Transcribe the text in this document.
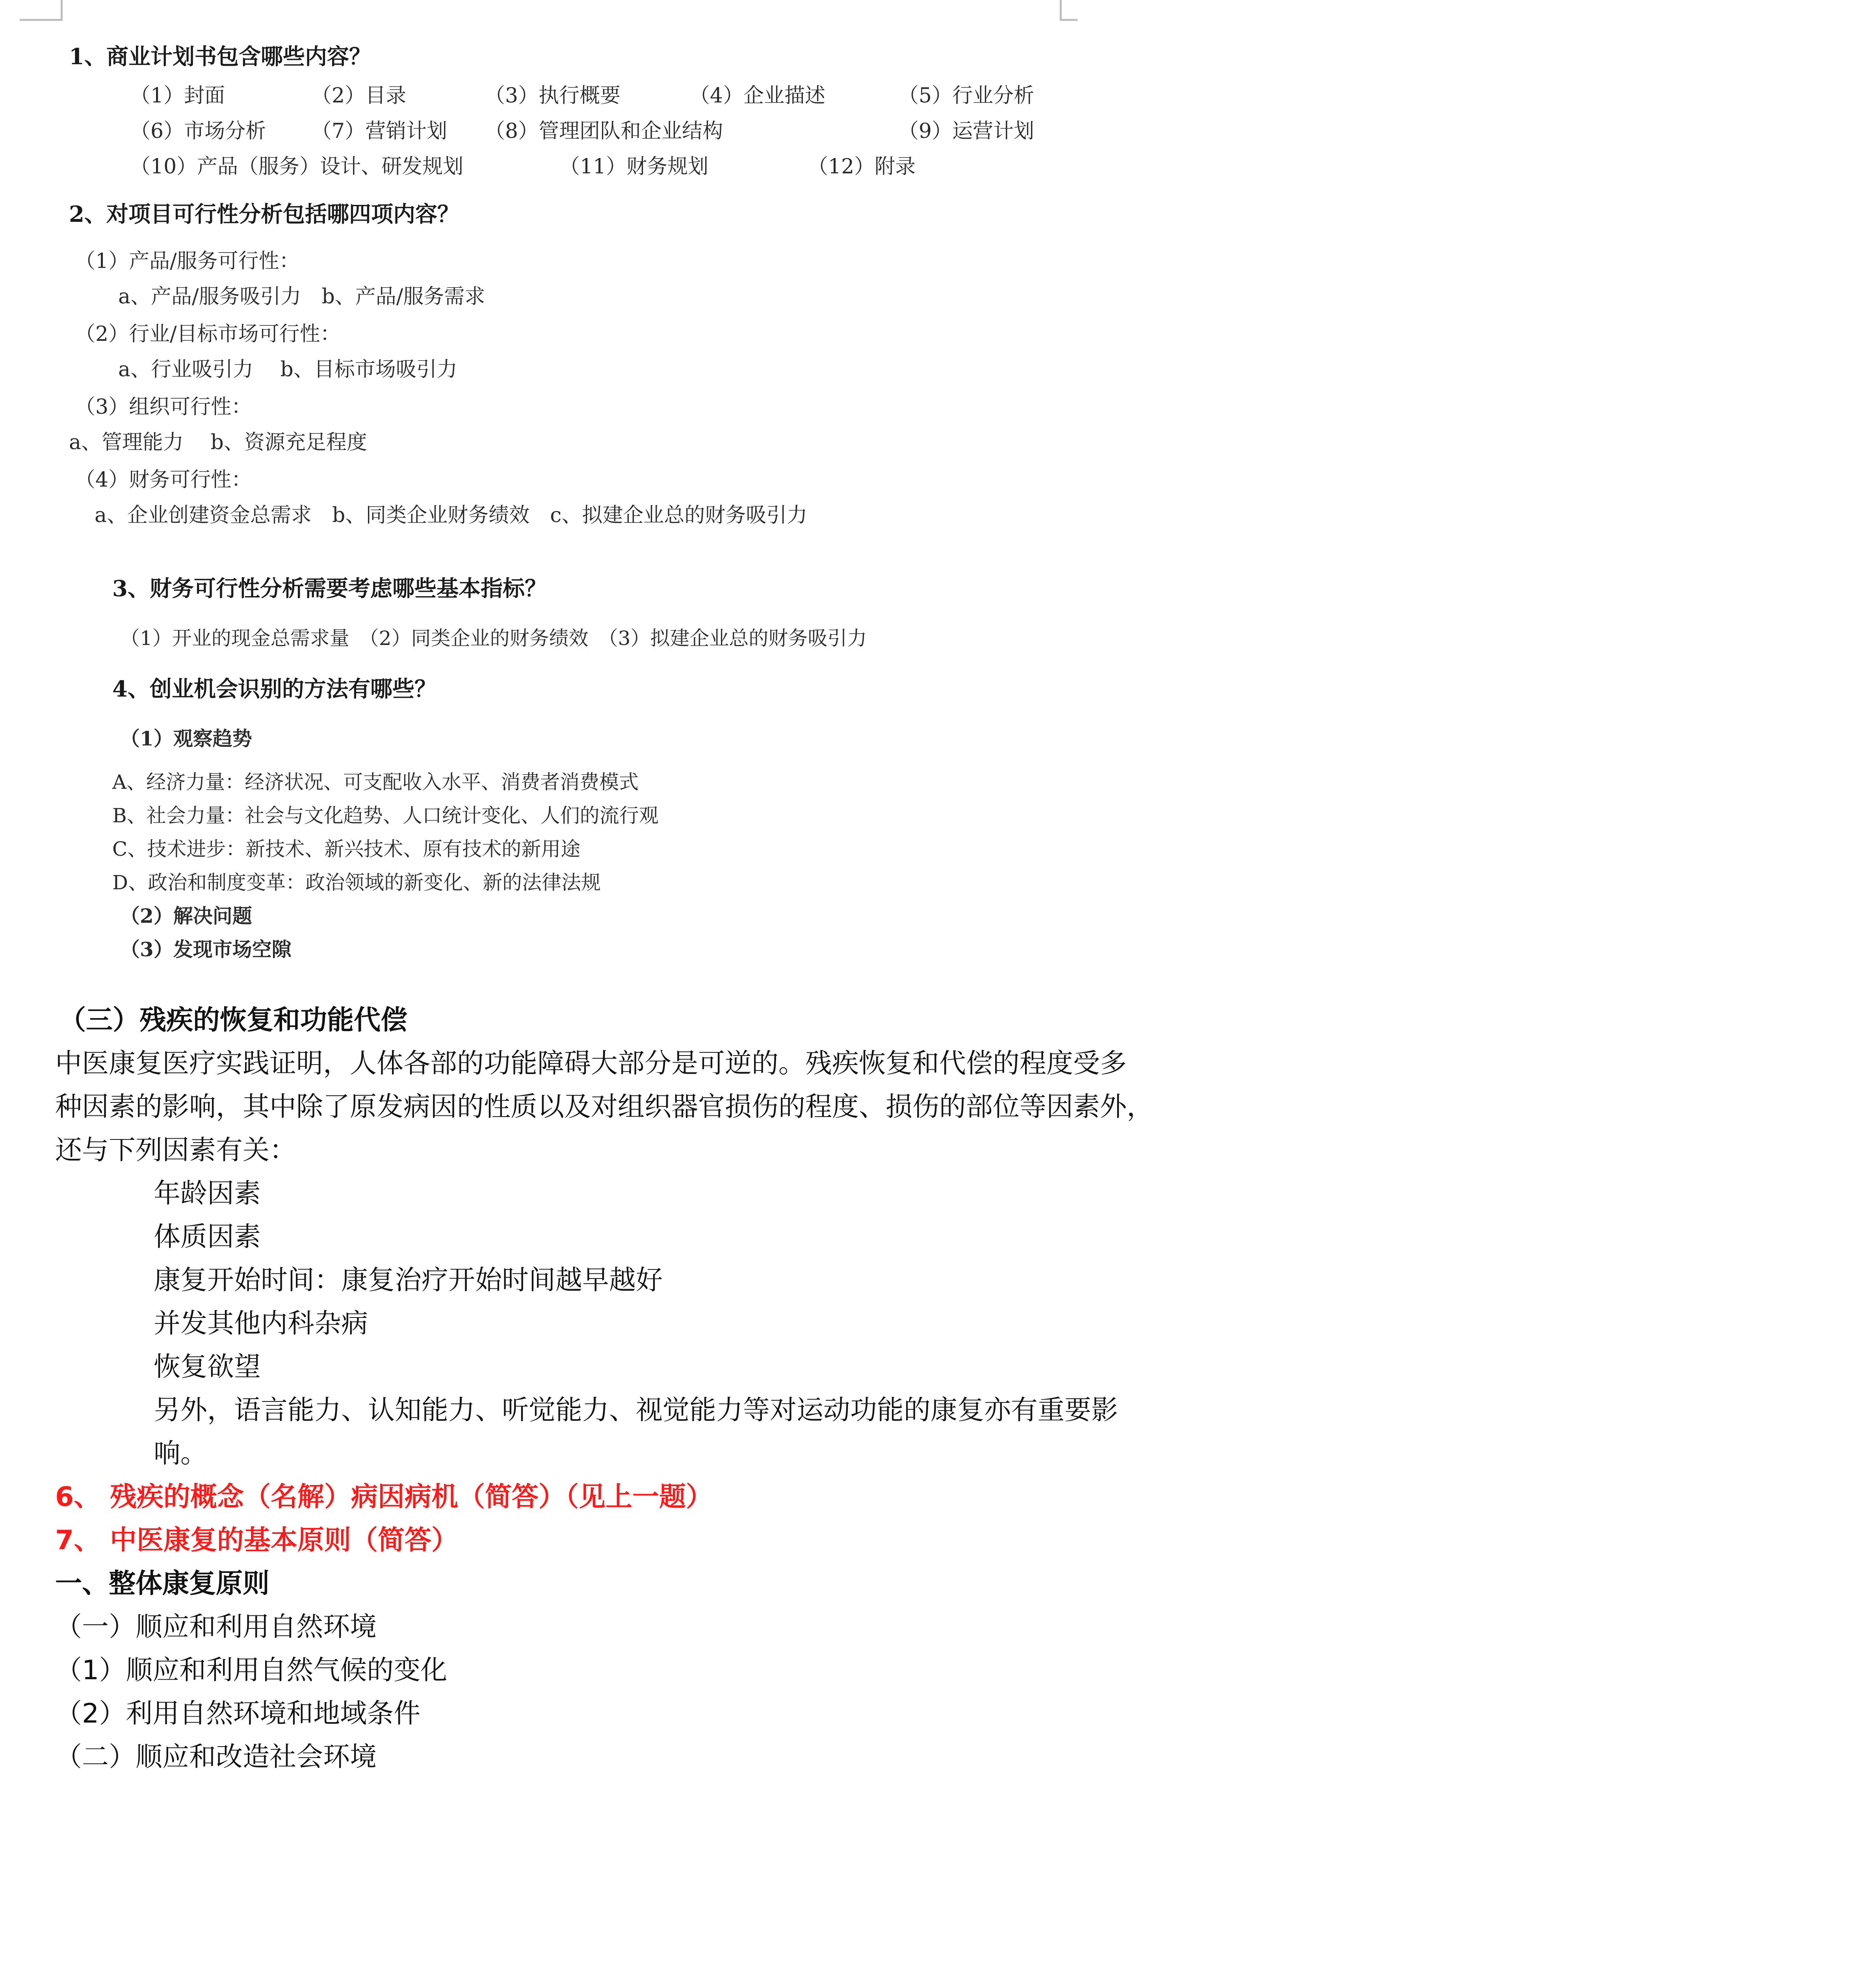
1、商业计划书包含哪些内容？
（1）封面	（2）目录	（3）执行概要	（4）企业描述	（5）行业分析
（6）市场分析 （7）营销计划 （8）管理团队和企业结构	（9）运营计划
（10）产品（服务）设计、研发规划	（11）财务规划	（12）附录
2、对项目可行性分析包括哪四项内容？
（1）产品/服务可行性：
a、产品/服务吸引力　b、产品/服务需求
（2）行业/目标市场可行性：
a、行业吸引力　 b、目标市场吸引力
（3）组织可行性：
a、管理能力　 b、资源充足程度
（4）财务可行性：
a、企业创建资金总需求　b、同类企业财务绩效　c、拟建企业总的财务吸引力
3、财务可行性分析需要考虑哪些基本指标？
（1）开业的现金总需求量　（2）同类企业的财务绩效　（3）拟建企业总的财务吸引力
4、创业机会识别的方法有哪些？
（1）观察趋势
A、经济力量：经济状况、可支配收入水平、消费者消费模式
B、社会力量：社会与文化趋势、人口统计变化、人们的流行观
C、技术进步：新技术、新兴技术、原有技术的新用途
D、政治和制度变革：政治领域的新变化、新的法律法规
（2）解决问题
（3）发现市场空隙
（三）残疾的恢复和功能代偿
中医康复医疗实践证明，人体各部的功能障碍大部分是可逆的。残疾恢复和代偿的程度受多
种因素的影响，其中除了原发病因的性质以及对组织器官损伤的程度、损伤的部位等因素外，
还与下列因素有关：
年龄因素
体质因素
康复开始时间：康复治疗开始时间越早越好
并发其他内科杂病
恢复欲望
另外，语言能力、认知能力、听觉能力、视觉能力等对运动功能的康复亦有重要影
响。
6、 残疾的概念（名解）病因病机（简答）（见上一题）
7、 中医康复的基本原则（简答）
一、整体康复原则
（一）顺应和利用自然环境
（1）顺应和利用自然气候的变化
（2）利用自然环境和地域条件
（二）顺应和改造社会环境
